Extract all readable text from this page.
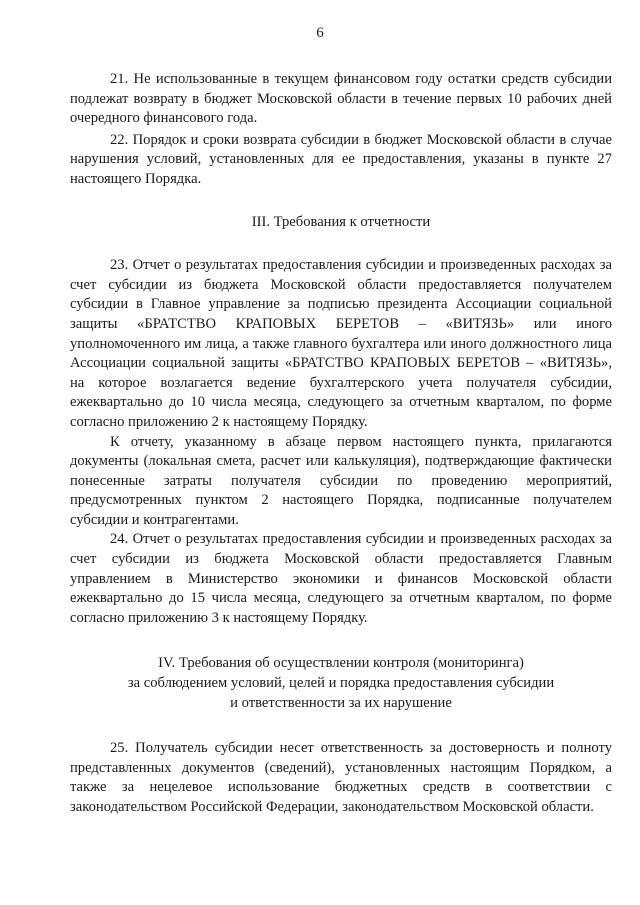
6

21. Не использованные в текущем финансовом году остатки средств субсидии подлежат возврату в бюджет Московской области в течение первых 10 рабочих дней очередного финансового года.

22. Порядок и сроки возврата субсидии в бюджет Московской области в случае нарушения условий, установленных для ее предоставления, указаны в пункте 27 настоящего Порядка.

III. Требования к отчетности

23. Отчет о результатах предоставления субсидии и произведенных расходах за счет субсидии из бюджета Московской области предоставляется получателем субсидии в Главное управление за подписью президента Ассоциации социальной защиты «БРАТСТВО КРАПОВЫХ БЕРЕТОВ – «ВИТЯЗЬ» или иного уполномоченного им лица, а также главного бухгалтера или иного должностного лица Ассоциации социальной защиты «БРАТСТВО КРАПОВЫХ БЕРЕТОВ – «ВИТЯЗЬ», на которое возлагается ведение бухгалтерского учета получателя субсидии, ежеквартально до 10 числа месяца, следующего за отчетным кварталом, по форме согласно приложению 2 к настоящему Порядку.

К отчету, указанному в абзаце первом настоящего пункта, прилагаются документы (локальная смета, расчет или калькуляция), подтверждающие фактически понесенные затраты получателя субсидии по проведению мероприятий, предусмотренных пунктом 2 настоящего Порядка, подписанные получателем субсидии и контрагентами.

24. Отчет о результатах предоставления субсидии и произведенных расходах за счет субсидии из бюджета Московской области предоставляется Главным управлением в Министерство экономики и финансов Московской области ежеквартально до 15 числа месяца, следующего за отчетным кварталом, по форме согласно приложению 3 к настоящему Порядку.

IV. Требования об осуществлении контроля (мониторинга)
за соблюдением условий, целей и порядка предоставления субсидии
и ответственности за их нарушение

25. Получатель субсидии несет ответственность за достоверность и полноту представленных документов (сведений), установленных настоящим Порядком, а также за нецелевое использование бюджетных средств в соответствии с законодательством Российской Федерации, законодательством Московской области.
